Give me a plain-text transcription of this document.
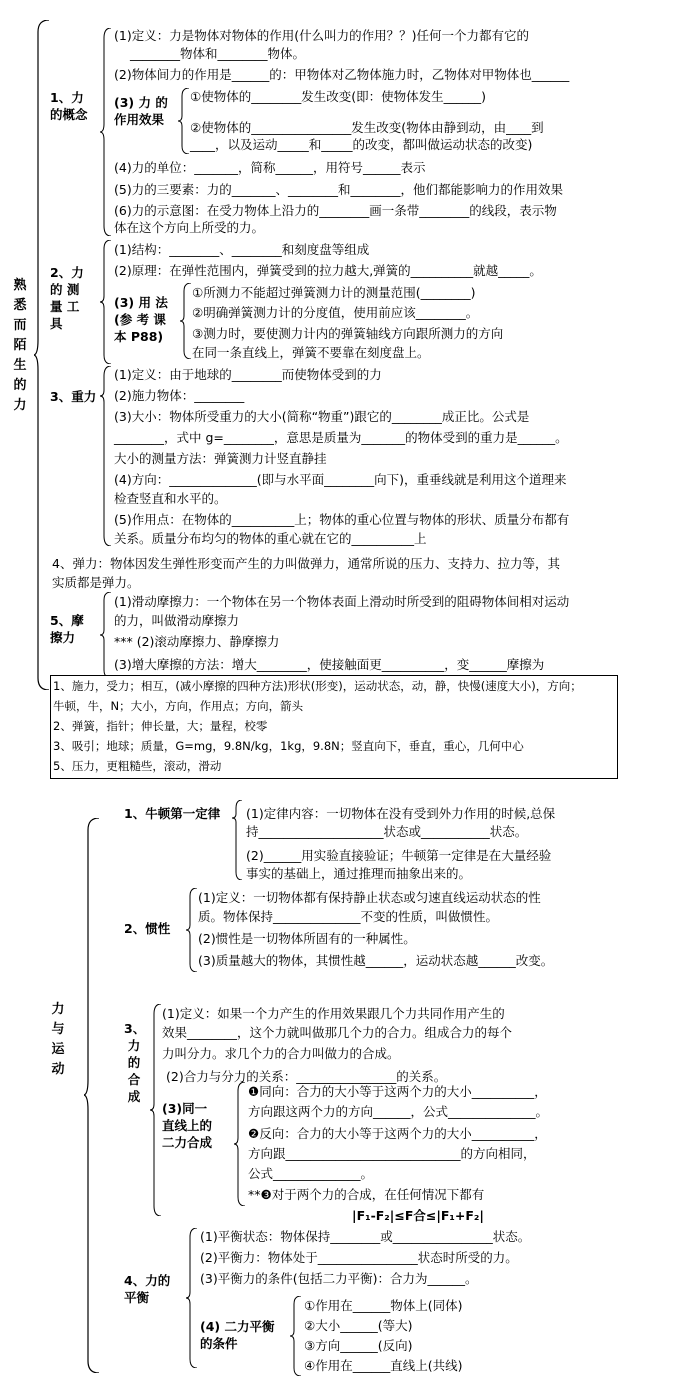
熟悉而陌生的力
1、力
的概念
(1)定义：力是物体对物体的作用(什么叫力的作用？？)任何一个力都有它的
________物体和________物体。
(2)物体间力的作用是______的：甲物体对乙物体施力时，乙物体对甲物体也______
(3) 力 的
作用效果
①使物体的________发生改变(即：使物体发生______)
②使物体的________________发生改变(物体由静到动，由____到
____，以及运动_____和_____的改变，都叫做运动状态的改变)
(4)力的单位：_______，简称______，用符号______表示
(5)力的三要素：力的_______、________和________，他们都能影响力的作用效果
(6)力的示意图：在受力物体上沿力的________画一条带________的线段，表示物
体在这个方向上所受的力。
2、力
的 测
量 工
具
(1)结构：________、________和刻度盘等组成
(2)原理：在弹性范围内，弹簧受到的拉力越大,弹簧的__________就越_____。
(3) 用 法
(参 考 课
本 P88)
①所测力不能超过弹簧测力计的测量范围(________)
②明确弹簧测力计的分度值，使用前应该________。
③测力时，要使测力计内的弹簧轴线方向跟所测力的方向
在同一条直线上，弹簧不要靠在刻度盘上。
3、重力
(1)定义：由于地球的________而使物体受到的力
(2)施力物体：________
(3)大小：物体所受重力的大小(简称“物重”)跟它的________成正比。公式是
________，式中 g=________，意思是质量为_______的物体受到的重力是______。
大小的测量方法：弹簧测力计竖直静挂
(4)方向：______________(即与水平面________向下)，重垂线就是利用这个道理来
检查竖直和水平的。
(5)作用点：在物体的__________上；物体的重心位置与物体的形状、质量分布都有
关系。质量分布均匀的物体的重心就在它的__________上
4、弹力：物体因发生弹性形变而产生的力叫做弹力，通常所说的压力、支持力、拉力等，其
实质都是弹力。
5、摩
擦力
(1)滑动摩擦力：一个物体在另一个物体表面上滑动时所受到的阻碍物体间相对运动
的力，叫做滑动摩擦力
*** (2)滚动摩擦力、静摩擦力
(3)增大摩擦的方法：增大________，使接触面更__________，变______摩擦为
1、施力，受力；相互，(减小摩擦的四种方法)形状(形变)，运动状态，动，静，快慢(速度大小)，方向；
牛顿，牛，N；大小，方向，作用点；方向，箭头
2、弹簧，指针；伸长量，大；量程，校零
3、吸引；地球；质量，G=mg，9.8N/kg，1kg，9.8N；竖直向下，垂直，重心，几何中心
5、压力，更粗糙些，滚动，滑动
力与运动
1、牛顿第一定律 (1)定律内容：一切物体在没有受到外力作用的时候,总保
持____________________状态或___________状态。
(2)______用实验直接验证；牛顿第一定律是在大量经验
事实的基础上，通过推理而抽象出来的。
2、惯性
(1)定义：一切物体都有保持静止状态或匀速直线运动状态的性
质。物体保持______________不变的性质，叫做惯性。
(2)惯性是一切物体所固有的一种属性。
(3)质量越大的物体，其惯性越______，运动状态越______改变。
3、
力
的
合
成
(1)定义：如果一个力产生的作用效果跟几个力共同作用产生的
效果________，这个力就叫做那几个力的合力。组成合力的每个
力叫分力。求几个力的合力叫做力的合成。
(2)合力与分力的关系：________________的关系。
(3)同一
直线上的
二力合成
❶同向：合力的大小等于这两个力的大小__________，
方向跟这两个力的方向______，公式______________。
❷反向：合力的大小等于这两个力的大小__________，
方向跟____________________________的方向相同，
公式______________。
**❸对于两个力的合成，在任何情况下都有
|F₁-F₂|≤F合≤|F₁+F₂|
4、力的
平衡
(1)平衡状态：物体保持________或________________状态。
(2)平衡力：物体处于________________状态时所受的力。
(3)平衡力的条件(包括二力平衡)：合力为______。
(4) 二力平衡
的条件
①作用在______物体上(同体)
②大小______(等大)
③方向______(反向)
④作用在______直线上(共线)
